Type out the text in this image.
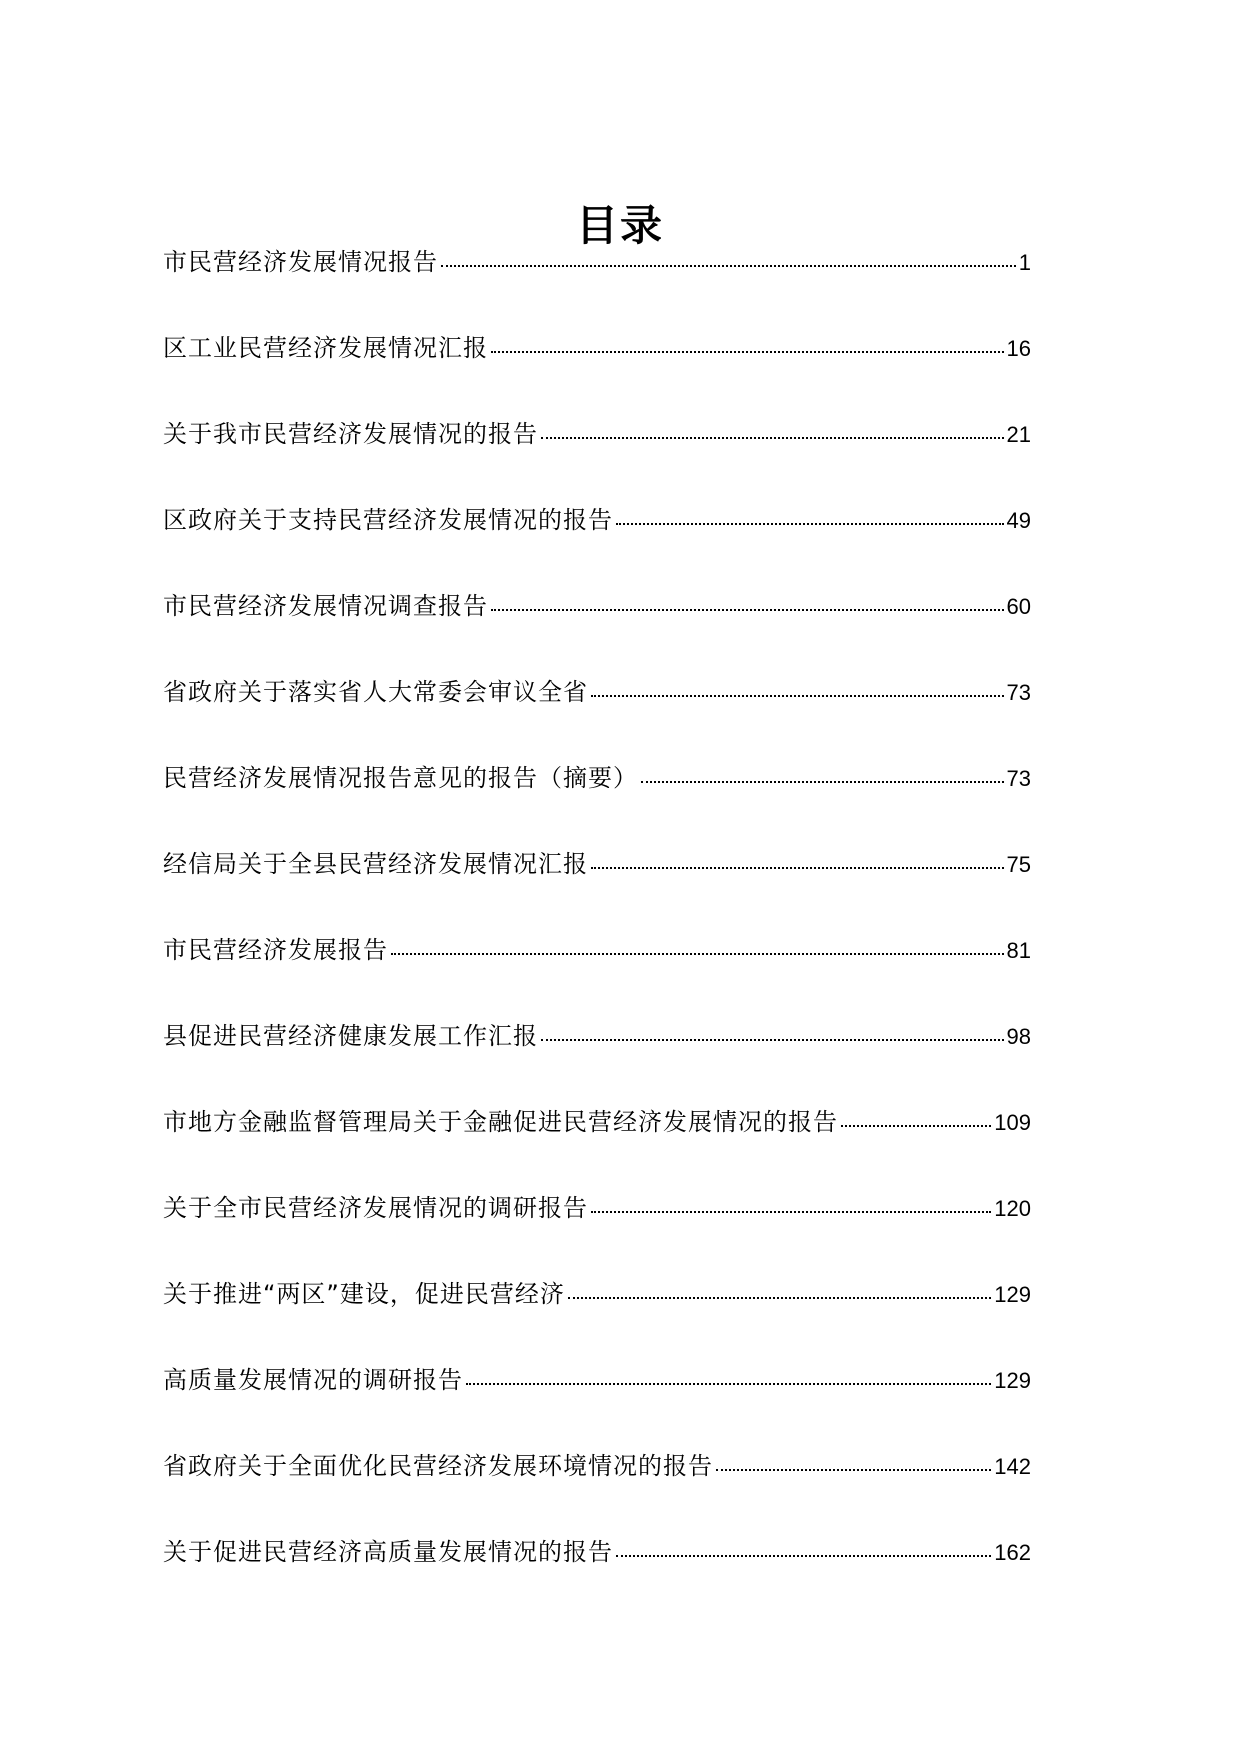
目录
市民营经济发展情况报告	1
区工业民营经济发展情况汇报	16
关于我市民营经济发展情况的报告	21
区政府关于支持民营经济发展情况的报告	49
市民营经济发展情况调查报告	60
省政府关于落实省人大常委会审议全省	73
民营经济发展情况报告意见的报告（摘要）	73
经信局关于全县民营经济发展情况汇报	75
市民营经济发展报告	81
县促进民营经济健康发展工作汇报	98
市地方金融监督管理局关于金融促进民营经济发展情况的报告	109
关于全市民营经济发展情况的调研报告	120
关于推进“两区”建设，促进民营经济	129
高质量发展情况的调研报告	129
省政府关于全面优化民营经济发展环境情况的报告	142
关于促进民营经济高质量发展情况的报告	162
